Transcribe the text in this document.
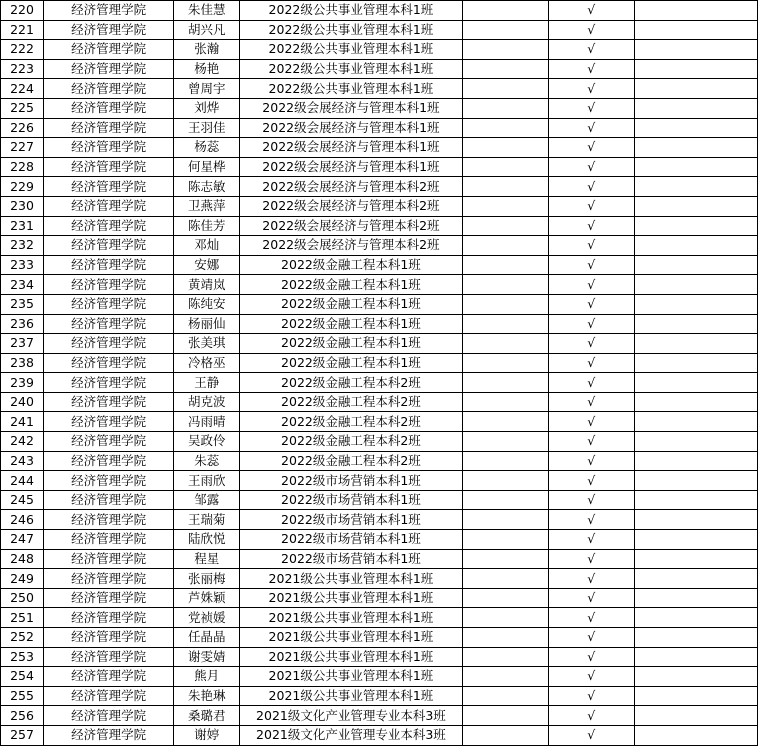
220	经济管理学院	朱佳慧	2022级公共事业管理本科1班		√	
221	经济管理学院	胡兴凡	2022级公共事业管理本科1班		√	
222	经济管理学院	张瀚	2022级公共事业管理本科1班		√	
223	经济管理学院	杨艳	2022级公共事业管理本科1班		√	
224	经济管理学院	曾周宇	2022级公共事业管理本科1班		√	
225	经济管理学院	刘烨	2022级会展经济与管理本科1班		√	
226	经济管理学院	王羽佳	2022级会展经济与管理本科1班		√	
227	经济管理学院	杨蕊	2022级会展经济与管理本科1班		√	
228	经济管理学院	何星桦	2022级会展经济与管理本科1班		√	
229	经济管理学院	陈志敏	2022级会展经济与管理本科2班		√	
230	经济管理学院	卫燕萍	2022级会展经济与管理本科2班		√	
231	经济管理学院	陈佳芳	2022级会展经济与管理本科2班		√	
232	经济管理学院	邓灿	2022级会展经济与管理本科2班		√	
233	经济管理学院	安娜	2022级金融工程本科1班		√	
234	经济管理学院	黄靖岚	2022级金融工程本科1班		√	
235	经济管理学院	陈纯安	2022级金融工程本科1班		√	
236	经济管理学院	杨丽仙	2022级金融工程本科1班		√	
237	经济管理学院	张美琪	2022级金融工程本科1班		√	
238	经济管理学院	冷格巫	2022级金融工程本科1班		√	
239	经济管理学院	王静	2022级金融工程本科2班		√	
240	经济管理学院	胡克波	2022级金融工程本科2班		√	
241	经济管理学院	冯雨晴	2022级金融工程本科2班		√	
242	经济管理学院	吴政伶	2022级金融工程本科2班		√	
243	经济管理学院	朱蕊	2022级金融工程本科2班		√	
244	经济管理学院	王雨欣	2022级市场营销本科1班		√	
245	经济管理学院	邹露	2022级市场营销本科1班		√	
246	经济管理学院	王瑞菊	2022级市场营销本科1班		√	
247	经济管理学院	陆欣悦	2022级市场营销本科1班		√	
248	经济管理学院	程星	2022级市场营销本科1班		√	
249	经济管理学院	张丽梅	2021级公共事业管理本科1班		√	
250	经济管理学院	芦姝颖	2021级公共事业管理本科1班		√	
251	经济管理学院	党祯媛	2021级公共事业管理本科1班		√	
252	经济管理学院	任晶晶	2021级公共事业管理本科1班		√	
253	经济管理学院	谢雯婧	2021级公共事业管理本科1班		√	
254	经济管理学院	熊月	2021级公共事业管理本科1班		√	
255	经济管理学院	朱艳琳	2021级公共事业管理本科1班		√	
256	经济管理学院	桑璐君	2021级文化产业管理专业本科3班		√	
257	经济管理学院	谢婷	2021级文化产业管理专业本科3班		√	
